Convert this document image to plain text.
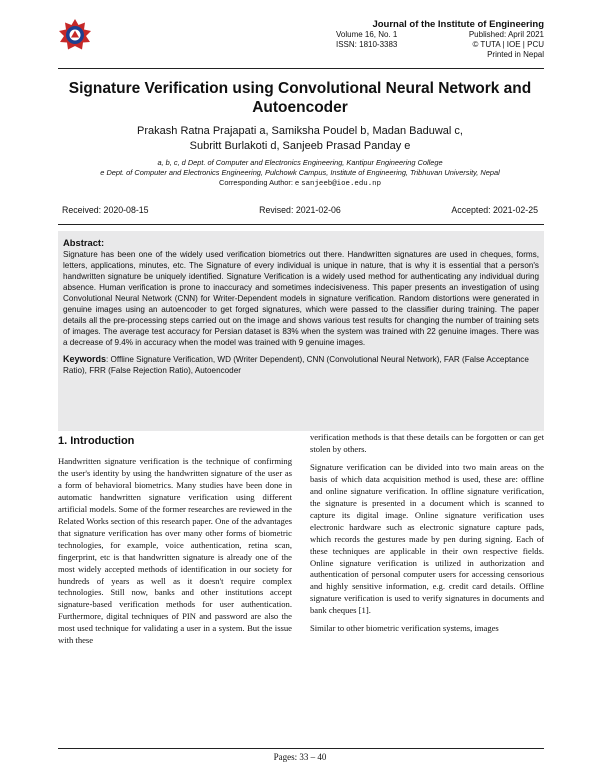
Journal of the Institute of Engineering
Volume 16, No. 1	Published: April 2021
ISSN: 1810-3383	© TUTA | IOE | PCU
Printed in Nepal
Signature Verification using Convolutional Neural Network and Autoencoder
Prakash Ratna Prajapati a, Samiksha Poudel b, Madan Baduwal c,
Subritt Burlakoti d, Sanjeeb Prasad Panday e
a, b, c, d Dept. of Computer and Electronics Engineering, Kantipur Engineering College
e Dept. of Computer and Electronics Engineering, Pulchowk Campus, Institute of Engineering, Tribhuvan University, Nepal
Corresponding Author: e sanjeeb@ioe.edu.np
Received: 2020-08-15	Revised: 2021-02-06	Accepted: 2021-02-25
Abstract:
Signature has been one of the widely used verification biometrics out there. Handwritten signatures are used in cheques, forms, letters, applications, minutes, etc. The Signature of every individual is unique in nature, that is why it is essential that a person's handwritten signature be uniquely identified. Signature Verification is a widely used method for authenticating any individual during absence. Human verification is prone to inaccuracy and sometimes indecisiveness. This paper presents an investigation of using Convolutional Neural Network (CNN) for Writer-Dependent models in signature verification. Random distortions were generated in genuine images using an autoencoder to get forged signatures, which were passed to the classifier during training. The paper details all the pre-processing steps carried out on the image and shows various test results for changing the number of training sets of images. The average test accuracy for Persian dataset is 83% when the system was trained with 22 genuine images. There was a decrease of 9.4% in accuracy when the model was trained with 9 genuine images.
Keywords: Offline Signature Verification, WD (Writer Dependent), CNN (Convolutional Neural Network), FAR (False Acceptance Ratio), FRR (False Rejection Ratio), Autoencoder
1. Introduction

Handwritten signature verification is the technique of confirming the user's identity by using the handwritten signature of the user as a form of behavioral biometrics. Many studies have been done in automatic handwritten signature verification using different artificial models. Some of the former researches are reviewed in the Related Works section of this research paper. One of the advantages that signature verification has over many other forms of biometric technologies, for example, voice authentication, retina scan, fingerprint, etc is that handwritten signature is already one of the most widely accepted methods of identification in our society for hundreds of years as well as it doesn't require complex technologies. Still now, banks and other institutions accept signature-based verification methods for user authentication. Furthermore, digital techniques of PIN and password are also the most used technique for validating a user in a system. But the issue with these

verification methods is that these details can be forgotten or can get stolen by others.

Signature verification can be divided into two main areas on the basis of which data acquisition method is used, these are: offline and online signature verification. In offline signature verification, the signature is presented in a document which is scanned to capture its digital image. Online signature verification uses electronic hardware such as electronic signature capture pads, which records the gestures made by pen during signing. Each of these techniques are applicable in their own respective fields. Online signature verification is utilized in authorization and authentication of personal computer users for accessing censorious and highly sensitive information, e.g. credit card details. Offline signature verification is used to verify signatures in documents and bank cheques [1].

Similar to other biometric verification systems, images

Pages: 33 – 40
